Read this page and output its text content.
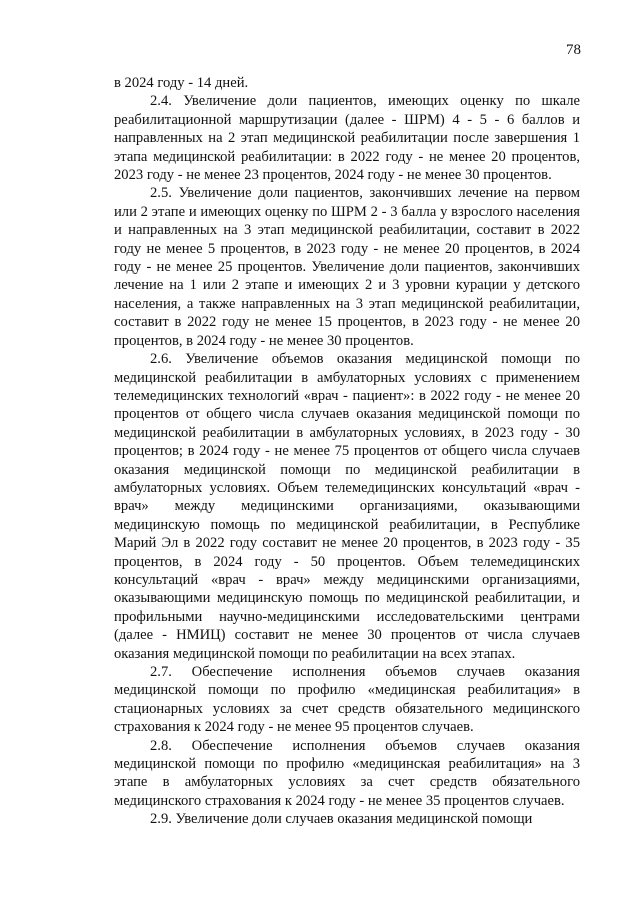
78

в 2024 году - 14 дней.

2.4. Увеличение доли пациентов, имеющих оценку по шкале реабилитационной маршрутизации (далее - ШРМ) 4 - 5 - 6 баллов и направленных на 2 этап медицинской реабилитации после завершения 1 этапа медицинской реабилитации: в 2022 году - не менее 20 процентов, 2023 году - не менее 23 процентов, 2024 году - не менее 30 процентов.

2.5. Увеличение доли пациентов, закончивших лечение на первом или 2 этапе и имеющих оценку по ШРМ 2 - 3 балла у взрослого населения и направленных на 3 этап медицинской реабилитации, составит в 2022 году не менее 5 процентов, в 2023 году - не менее 20 процентов, в 2024 году - не менее 25 процентов. Увеличение доли пациентов, закончивших лечение на 1 или 2 этапе и имеющих 2 и 3 уровни курации у детского населения, а также направленных на 3 этап медицинской реабилитации, составит в 2022 году не менее 15 процентов, в 2023 году - не менее 20 процентов, в 2024 году - не менее 30 процентов.

2.6. Увеличение объемов оказания медицинской помощи по медицинской реабилитации в амбулаторных условиях с применением телемедицинских технологий «врач - пациент»: в 2022 году - не менее 20 процентов от общего числа случаев оказания медицинской помощи по медицинской реабилитации в амбулаторных условиях, в 2023 году - 30 процентов; в 2024 году - не менее 75 процентов от общего числа случаев оказания медицинской помощи по медицинской реабилитации в амбулаторных условиях. Объем телемедицинских консультаций «врач - врач» между медицинскими организациями, оказывающими медицинскую помощь по медицинской реабилитации, в Республике Марий Эл в 2022 году составит не менее 20 процентов, в 2023 году - 35 процентов, в 2024 году - 50 процентов. Объем телемедицинских консультаций «врач - врач» между медицинскими организациями, оказывающими медицинскую помощь по медицинской реабилитации, и профильными научно-медицинскими исследовательскими центрами (далее - НМИЦ) составит не менее 30 процентов от числа случаев оказания медицинской помощи по реабилитации на всех этапах.

2.7. Обеспечение исполнения объемов случаев оказания медицинской помощи по профилю «медицинская реабилитация» в стационарных условиях за счет средств обязательного медицинского страхования к 2024 году - не менее 95 процентов случаев.

2.8. Обеспечение исполнения объемов случаев оказания медицинской помощи по профилю «медицинская реабилитация» на 3 этапе в амбулаторных условиях за счет средств обязательного медицинского страхования к 2024 году - не менее 35 процентов случаев.

2.9. Увеличение доли случаев оказания медицинской помощи
